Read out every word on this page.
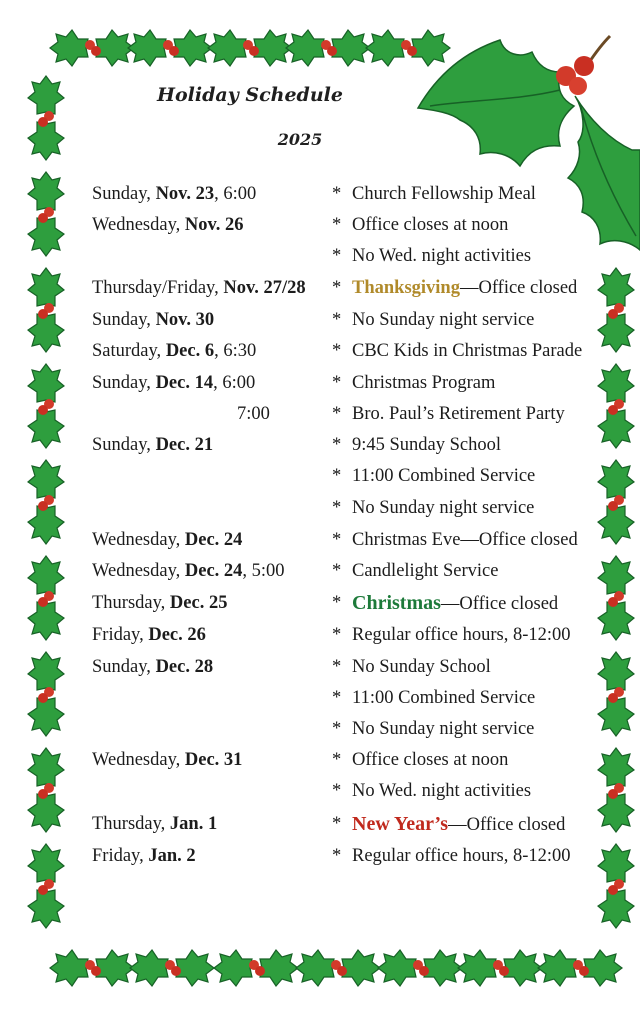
Holiday Schedule
2025
Sunday, Nov. 23, 6:00	* Church Fellowship Meal
Wednesday, Nov. 26	* Office closes at noon
* No Wed. night activities
Thursday/Friday, Nov. 27/28 * Thanksgiving—Office closed
Sunday, Nov. 30	* No Sunday night service
Saturday, Dec. 6, 6:30	* CBC Kids in Christmas Parade
Sunday, Dec. 14, 6:00	* Christmas Program
7:00	* Bro. Paul’s Retirement Party
Sunday, Dec. 21	* 9:45 Sunday School
* 11:00 Combined Service
* No Sunday night service
Wednesday, Dec. 24	* Christmas Eve—Office closed
Wednesday, Dec. 24, 5:00	* Candlelight Service
Thursday, Dec. 25	* Christmas—Office closed
Friday, Dec. 26	* Regular office hours, 8-12:00
Sunday, Dec. 28	* No Sunday School
* 11:00 Combined Service
* No Sunday night service
Wednesday, Dec. 31	* Office closes at noon
* No Wed. night activities
Thursday, Jan. 1	* New Year’s—Office closed
Friday, Jan. 2	* Regular office hours, 8-12:00
